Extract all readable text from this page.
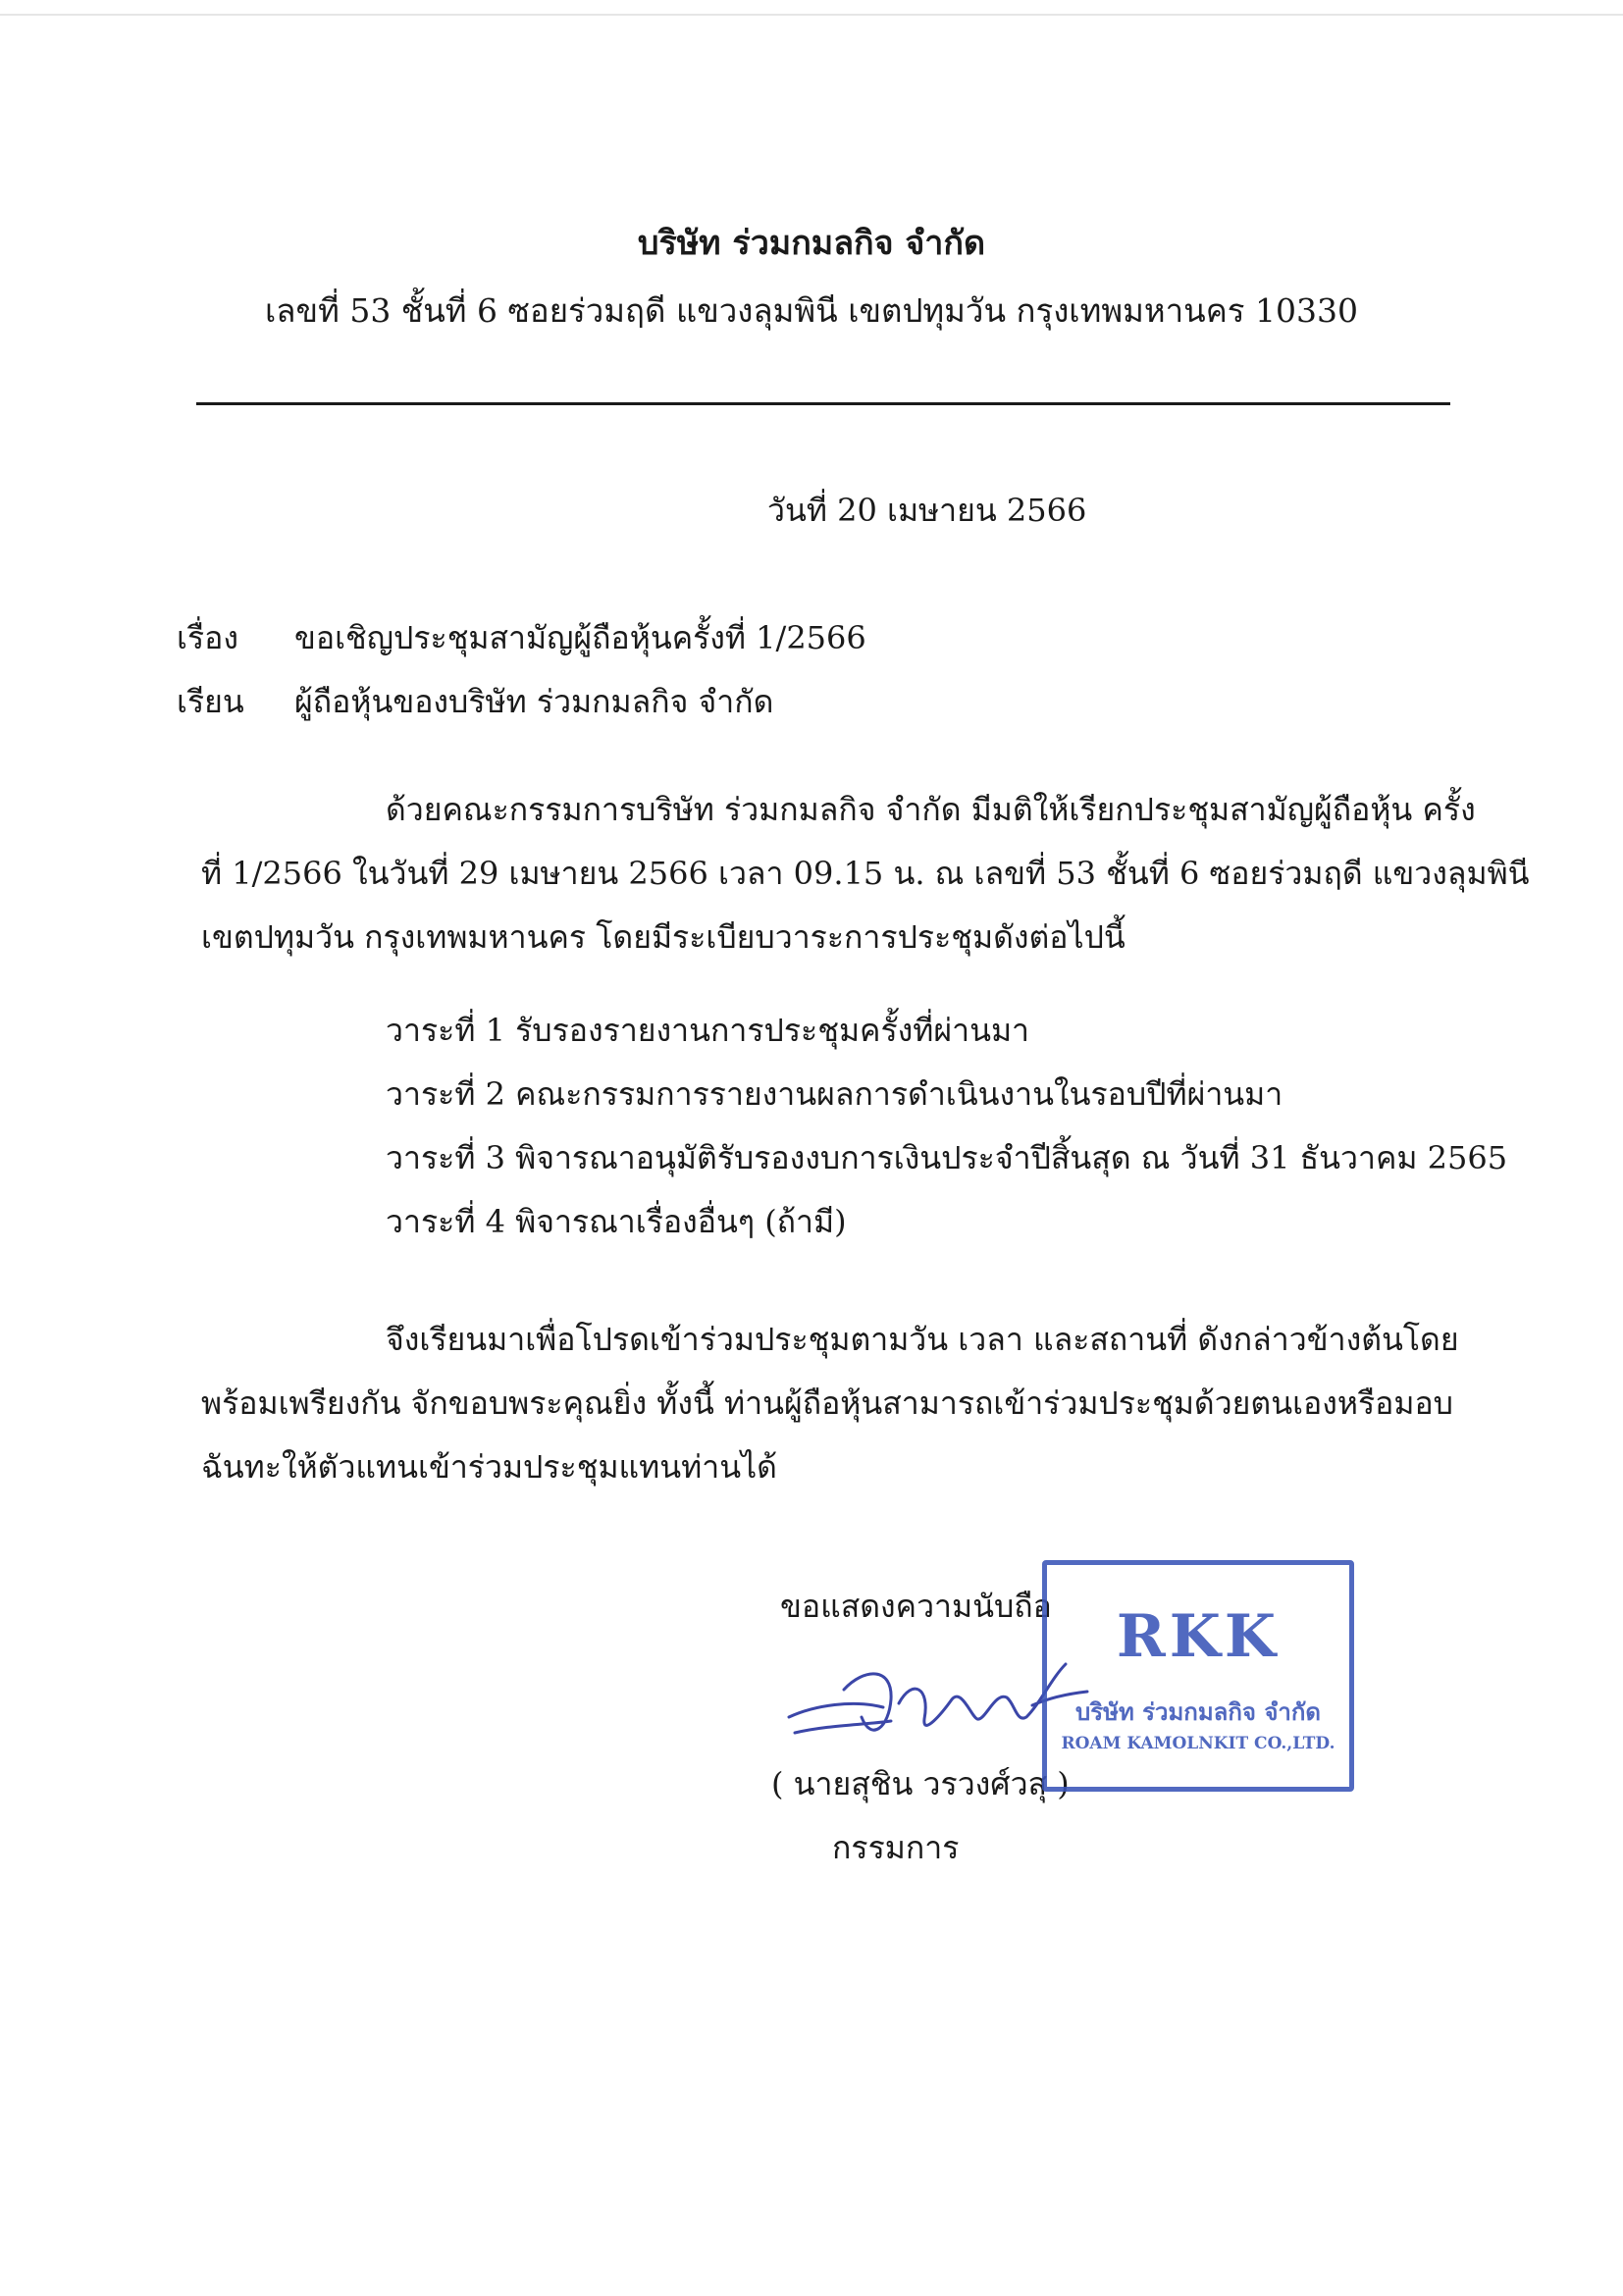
บริษัท ร่วมกมลกิจ จำกัด
เลขที่ 53 ชั้นที่ 6 ซอยร่วมฤดี แขวงลุมพินี เขตปทุมวัน กรุงเทพมหานคร 10330
วันที่ 20 เมษายน 2566
เรื่อง ขอเชิญประชุมสามัญผู้ถือหุ้นครั้งที่ 1/2566
เรียน ผู้ถือหุ้นของบริษัท ร่วมกมลกิจ จำกัด
ด้วยคณะกรรมการบริษัท ร่วมกมลกิจ จำกัด มีมติให้เรียกประชุมสามัญผู้ถือหุ้น ครั้ง
ที่ 1/2566 ในวันที่ 29 เมษายน 2566 เวลา 09.15 น. ณ เลขที่ 53 ชั้นที่ 6 ซอยร่วมฤดี แขวงลุมพินี
เขตปทุมวัน กรุงเทพมหานคร โดยมีระเบียบวาระการประชุมดังต่อไปนี้
วาระที่ 1 รับรองรายงานการประชุมครั้งที่ผ่านมา
วาระที่ 2 คณะกรรมการรายงานผลการดำเนินงานในรอบปีที่ผ่านมา
วาระที่ 3 พิจารณาอนุมัติรับรองงบการเงินประจำปีสิ้นสุด ณ วันที่ 31 ธันวาคม 2565
วาระที่ 4 พิจารณาเรื่องอื่นๆ (ถ้ามี)
จึงเรียนมาเพื่อโปรดเข้าร่วมประชุมตามวัน เวลา และสถานที่ ดังกล่าวข้างต้นโดย
พร้อมเพรียงกัน จักขอบพระคุณยิ่ง ทั้งนี้ ท่านผู้ถือหุ้นสามารถเข้าร่วมประชุมด้วยตนเองหรือมอบ
ฉันทะให้ตัวแทนเข้าร่วมประชุมแทนท่านได้
ขอแสดงความนับถือ
( นายสุชิน วรวงศ์วสุ )
กรรมการ
RKK
บริษัท ร่วมกมลกิจ จำกัด
ROAM KAMOLNKIT CO.,LTD.
